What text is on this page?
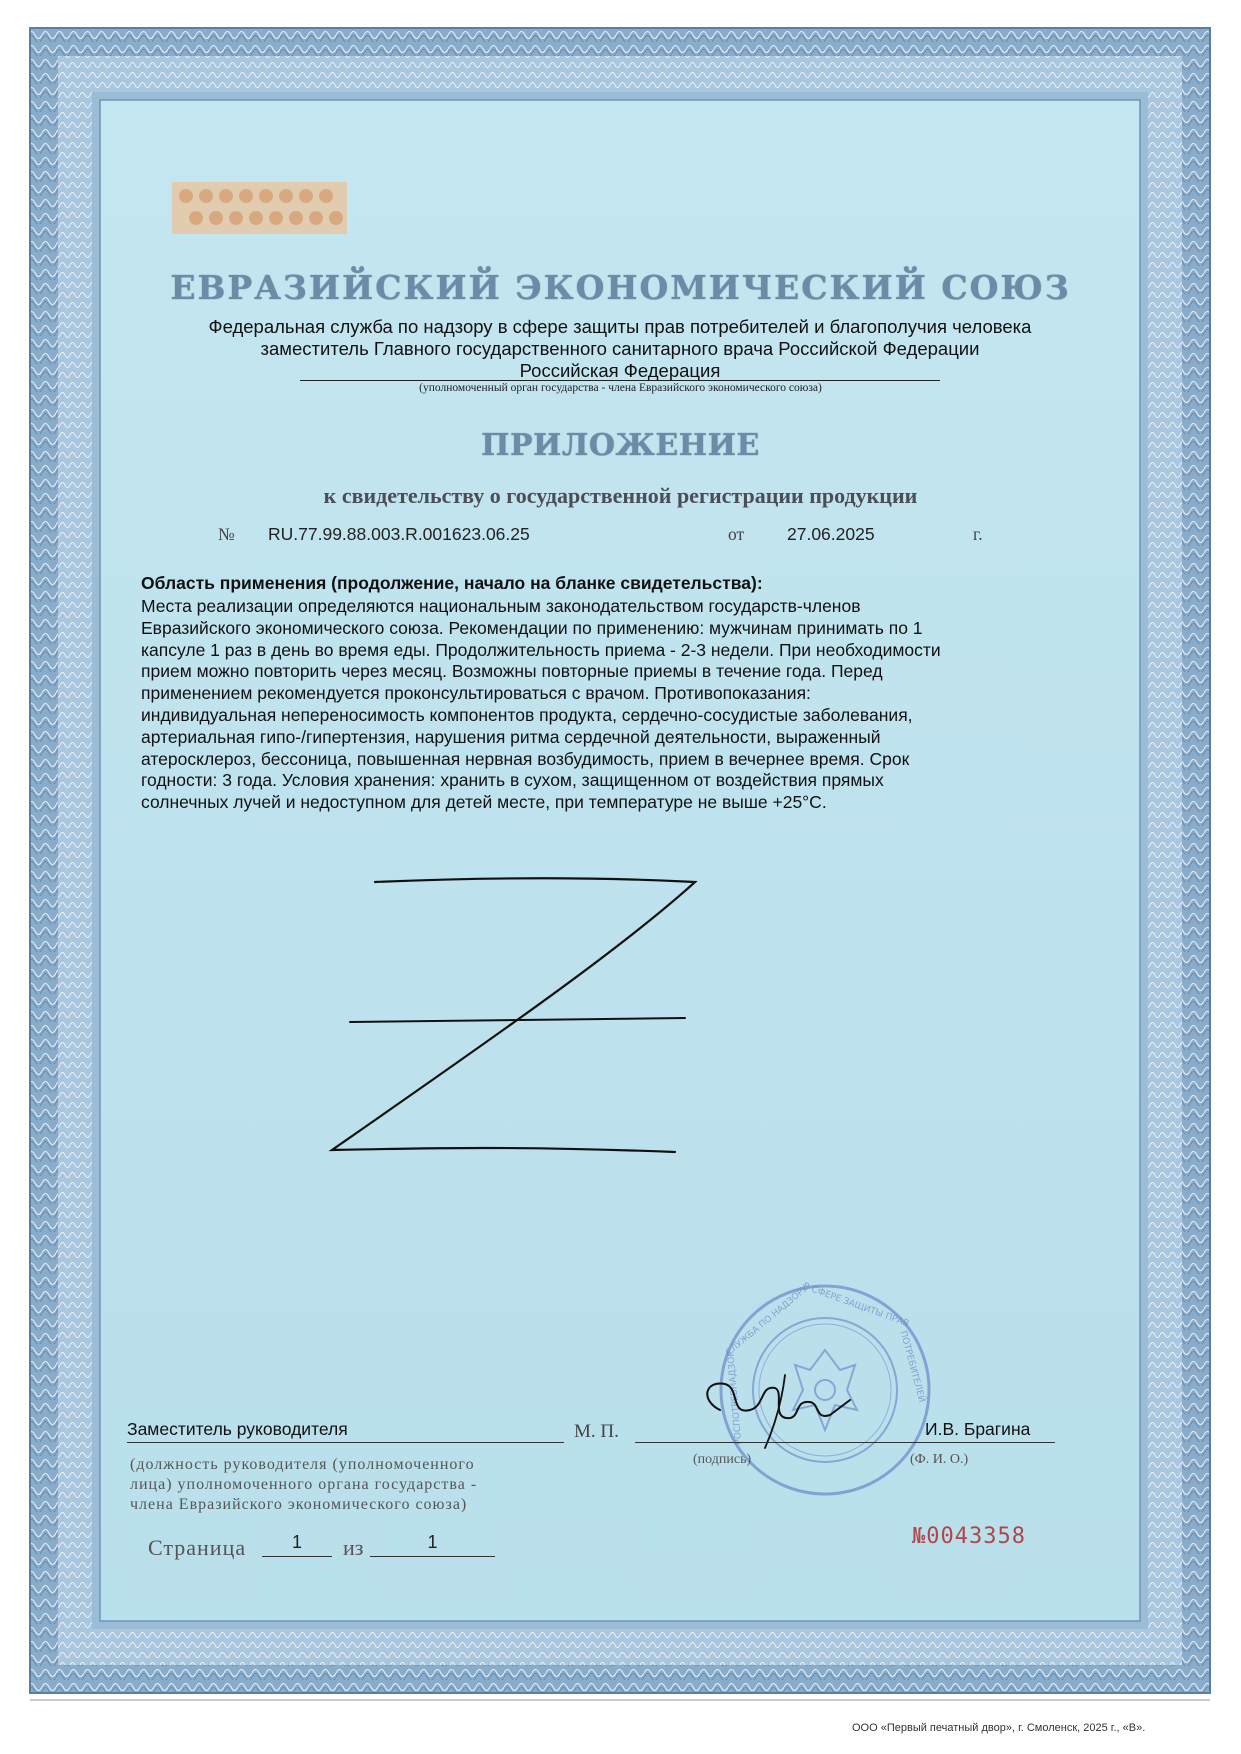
ЕВРАЗИЙСКИЙ ЭКОНОМИЧЕСКИЙ СОЮЗ
Федеральная служба по надзору в сфере защиты прав потребителей и благополучия человека
заместитель Главного государственного санитарного врача Российской Федерации
Российская Федерация
(уполномоченный орган государства - члена Евразийского экономического союза)
ПРИЛОЖЕНИЕ
к свидетельству о государственной регистрации продукции
№ RU.77.99.88.003.R.001623.06.25	от 27.06.2025	г.
Область применения (продолжение, начало на бланке свидетельства):

Места реализации определяются национальным законодательством государств-членов

Евразийского экономического союза. Рекомендации по применению: мужчинам принимать по 1

капсуле 1 раз в день во время еды. Продолжительность приема - 2-3 недели. При необходимости

прием можно повторить через месяц. Возможны повторные приемы в течение года. Перед

применением рекомендуется проконсультироваться с врачом. Противопоказания:

индивидуальная непереносимость компонентов продукта, сердечно-сосудистые заболевания,

артериальная гипо-/гипертензия, нарушения ритма сердечной деятельности, выраженный

атеросклероз, бессоница, повышенная нервная возбудимость, прием в вечернее время. Срок

годности: 3 года. Условия хранения: хранить в сухом, защищенном от воздействия прямых

солнечных лучей и недоступном для детей месте, при температуре не выше +25°С.

СЛУЖБА ПО НАДЗОРУ
В СФЕРЕ ЗАЩИТЫ ПРАВ
ПОТРЕБИТЕЛЕЙ
РОСПОТРЕБНАДЗОР
Заместитель руководителя	М. П.	И.В. Брагина

(должность руководителя (уполномоченного

лица) уполномоченного органа государства -

члена Евразийского экономического союза)

(подпись)	(Ф. И. О.)
Страница	1	из	1	№0043358
ООО «Первый печатный двор», г. Смоленск, 2025 г., «В».
